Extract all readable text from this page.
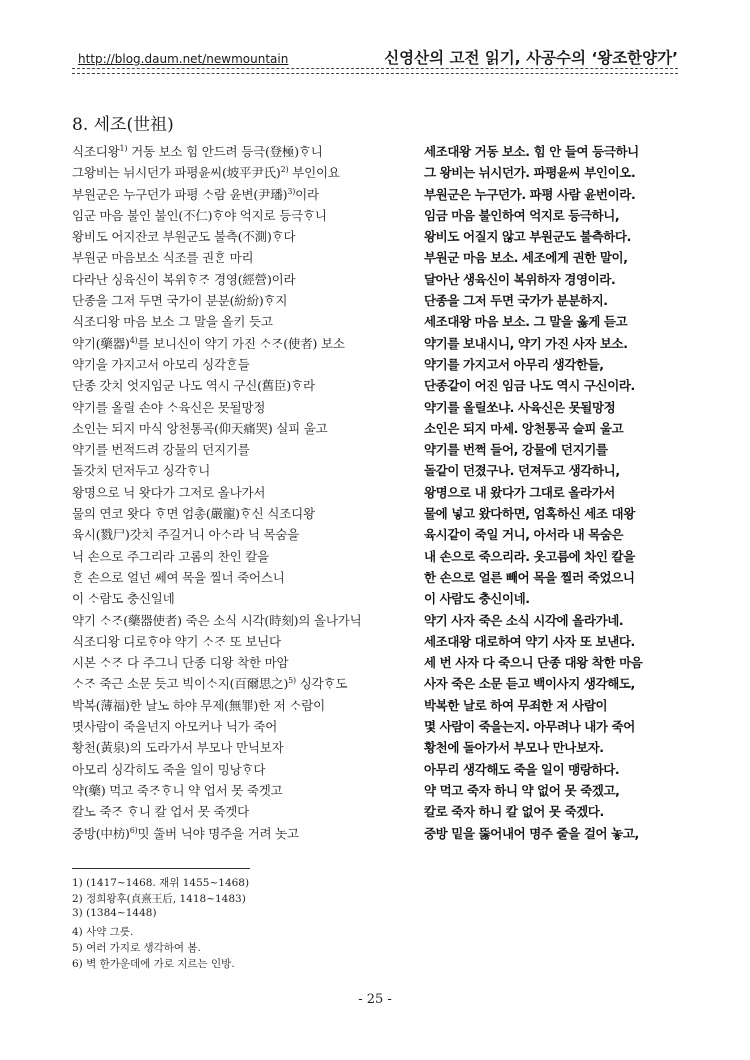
http://blog.daum.net/newmountain	신영산의 고전 읽기, 사공수의 ‘왕조한양가’
8. 세조(世祖)
식조디왕$^{1)}$ 거동 보소 힘 안드려 등극(登極)ᄒᆞ니	세조대왕 거동 보소. 힘 안 들여 등극하니
그왕비는 뉘시던가 파평윤씨(坡平尹氏)$^{2)}$ 부인이요	그 왕비는 뉘시던가. 파평윤씨 부인이오.
부원군은 누구던가 파평 ᄉᆞ람 윤변(尹璠)$^{3)}$이라	부원군은 누구던가. 파평 사람 윤번이라.
임군 마음 불인 불인(不仁)ᄒᆞ야 억지로 등극ᄒᆞ니	임금 마음 불인하여 억지로 등극하니,
왕비도 어지잔코 부원군도 불측(不測)ᄒᆞ다	왕비도 어질지 않고 부원군도 불측하다.
부원군 마음보소 식조를 권ᄒᆞᆫ 마리	부원군 마음 보소. 세조에게 권한 말이,
다라난 싱육신이 복위ᄒᆞᄌᆞ 경영(經營)이라	달아난 생육신이 복위하자 경영이라.
단종을 그저 두면 국가이 분분(紛紛)ᄒᆞ지	단종을 그저 두면 국가가 분분하지.
식조디왕 마음 보소 그 말을 올키 듯고	세조대왕 마음 보소. 그 말을 옳게 듣고
약기(藥器)$^{4)}$를 보니신이 약기 가진 ᄉᆞᄌᆞ(使者) 보소	약기를 보내시니, 약기 가진 사자 보소.
약기을 가지고서 아모리 싱각ᄒᆞᆫ들	약기를 가지고서 아무리 생각한들,
단종 갓치 엇지임군 나도 역시 구신(舊臣)ᄒᆞ라	단종같이 어진 임금 나도 역시 구신이라.
약기를 올릴 손야 ᄉᆞ육신은 못될망정	약기를 올릴쏘냐. 사육신은 못될망정
소인는 되지 마식 앙천통곡(仰天痛哭) 실피 울고	소인은 되지 마세. 앙천통곡 슬피 울고
약기를 번적드려 강물의 던지기를	약기를 번쩍 들어, 강물에 던지기를
돌갓치 던저두고 싱각ᄒᆞ니	돌같이 던졌구나. 던져두고 생각하니,
왕명으로 닉 왓다가 그저로 올나가서	왕명으로 내 왔다가 그대로 올라가서
물의 연코 왓다 ᄒᆞ면 엄총(嚴寵)ᄒᆞ신 식조디왕	물에 넣고 왔다하면, 엄혹하신 세조 대왕
육시(戮尸)갓치 주길거니 아ᄉᆞ라 닉 목숨을	육시같이 죽일 거니, 아서라 내 목숨은
닉 손으로 주그리라 고롬의 찬인 칼을	내 손으로 죽으리라. 옷고름에 차인 칼을
ᄒᆞᆫ 손으로 얼넌 쎄여 목을 찔너 죽어스니	한 손으로 얼른 빼어 목을 찔러 죽었으니
이 ᄉᆞ람도 충신일네	이 사람도 충신이네.
약기 ᄉᆞᄌᆞ(藥器使者) 죽은 소식 시각(時刻)의 올나가닉	약기 사자 죽은 소식 시각에 올라가네.
식조디왕 디로ᄒᆞ야 약기 ᄉᆞᄌᆞ 또 보닌다	세조대왕 대로하여 약기 사자 또 보낸다.
시본 ᄉᆞᄌᆞ 다 주그니 단종 디왕 착한 마암	세 번 사자 다 죽으니 단종 대왕 착한 마음
ᄉᆞᄌᆞ 죽근 소문 듯고 빅이ᄉᆞ지(百爾思之)$^{5)}$ 싱각ᄒᆞ도	사자 죽은 소문 듣고 백이사지 생각해도,
박복(薄福)한 날노 하야 무제(無罪)한 저 ᄉᆞ람이	박복한 날로 하여 무죄한 저 사람이
몃사람이 죽을넌지 아모커나 닉가 죽어	몇 사람이 죽을는지. 아무려나 내가 죽어
황천(黃泉)의 도라가서 부모나 만닉보자	황천에 돌아가서 부모나 만나보자.
아모리 싱각히도 죽을 일이 밍낭ᄒᆞ다	아무리 생각해도 죽을 일이 맹랑하다.
약(藥) 먹고 죽ᄌᆞᄒᆞ니 약 업서 못 죽겟고	약 먹고 죽자 하니 약 없어 못 죽겠고,
칼노 죽ᄌᆞ ᄒᆞ니 칼 업서 못 죽겟다	칼로 죽자 하니 칼 없어 못 죽겠다.
중방(中枋)$^{6)}$밋 ᄯᅮᆯ버 닉야 명주을 거려 놋고	중방 밑을 뚫어내어 명주 줄을 걸어 놓고,
1) (1417~1468. 재위 1455~1468)
2) 정희왕후(貞熹王后, 1418~1483)
3) (1384~1448)
4) 사약 그릇.
5) 여러 가지로 생각하여 봄.
6) 벽 한가운데에 가로 지르는 인방.
- 25 -
